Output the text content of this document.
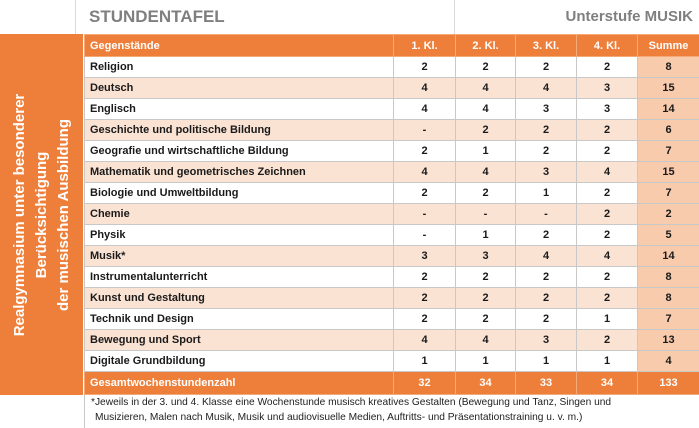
STUNDENTAFEL	Unterstufe MUSIK
Realgymnasium unter besonderer Berücksichtigung der musischen Ausbildung
Gegenstände	1. Kl.	2. Kl.	3. Kl.	4. Kl.	Summe
Religion	2	2	2	2	8
Deutsch	4	4	4	3	15
Englisch	4	4	3	3	14
Geschichte und politische Bildung	-	2	2	2	6
Geografie und wirtschaftliche Bildung	2	1	2	2	7
Mathematik und geometrisches Zeichnen	4	4	3	4	15
Biologie und Umweltbildung	2	2	1	2	7
Chemie	-	-	-	2	2
Physik	-	1	2	2	5
Musik*	3	3	4	4	14
Instrumentalunterricht	2	2	2	2	8
Kunst und Gestaltung	2	2	2	2	8
Technik und Design	2	2	2	1	7
Bewegung und Sport	4	4	3	2	13
Digitale Grundbildung	1	1	1	1	4
Gesamtwochenstundenzahl	32	34	33	34	133
*Jeweils in der 3. und 4. Klasse eine Wochenstunde musisch kreatives Gestalten (Bewegung und Tanz, Singen und
Musizieren, Malen nach Musik, Musik und audiovisuelle Medien, Auftritts- und Präsentationstraining u. v. m.)
